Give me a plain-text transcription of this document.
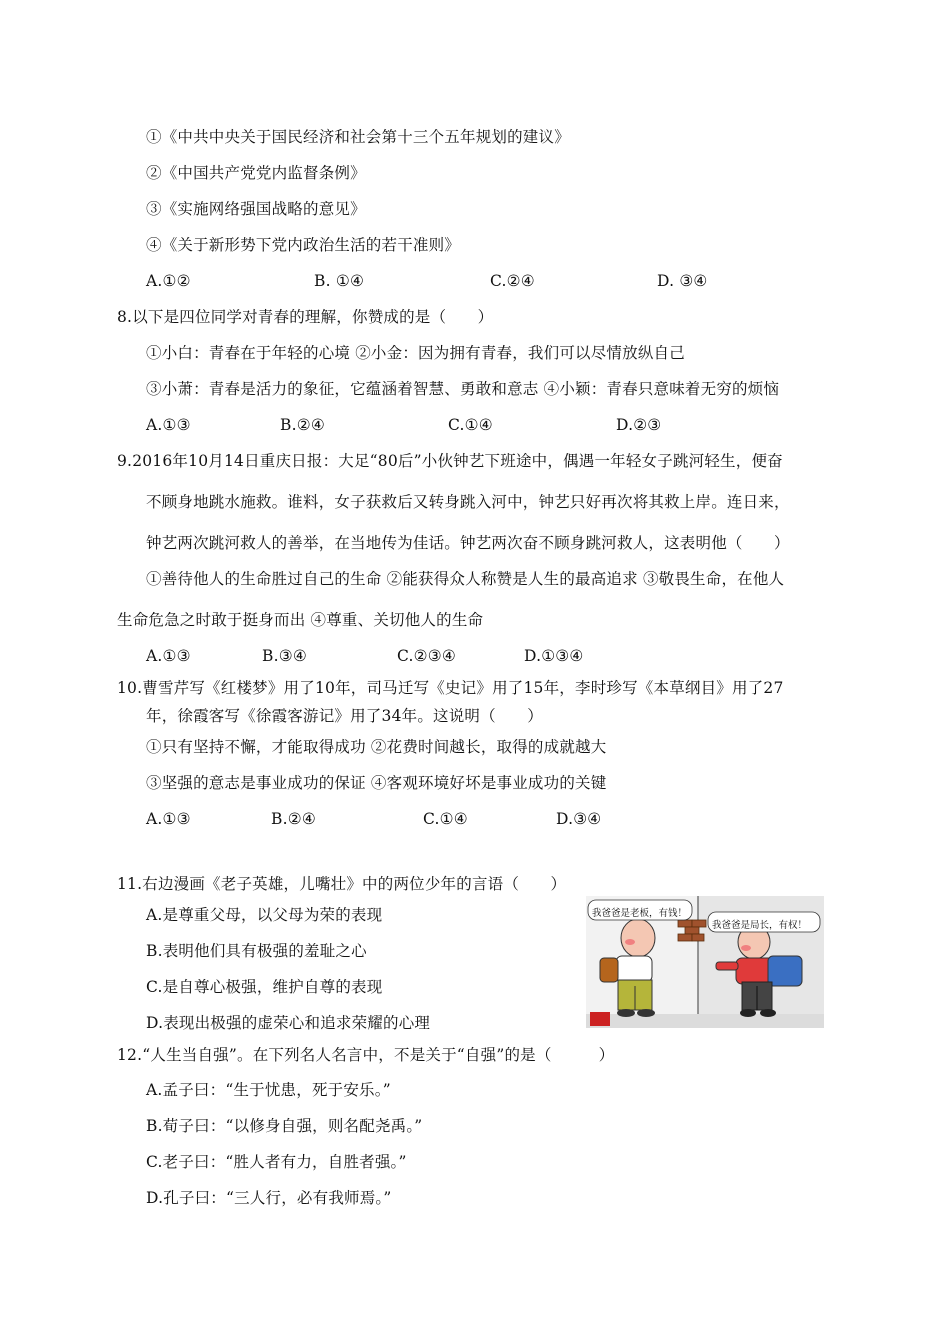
①《中共中央关于国民经济和社会第十三个五年规划的建议》
②《中国共产党党内监督条例》
③《实施网络强国战略的意见》
④《关于新形势下党内政治生活的若干准则》
A.①②	B. ①④	C.②④	D. ③④
8.以下是四位同学对青春的理解，你赞成的是（　　）
①小白：青春在于年轻的心境 ②小金：因为拥有青春，我们可以尽情放纵自己
③小萧：青春是活力的象征，它蕴涵着智慧、勇敢和意志 ④小颖：青春只意味着无穷的烦恼
A.①③	B.②④	C.①④	D.②③
9.2016年10月14日重庆日报：大足“80后”小伙钟艺下班途中，偶遇一年轻女子跳河轻生，便奋
不顾身地跳水施救。谁料，女子获救后又转身跳入河中，钟艺只好再次将其救上岸。连日来，
钟艺两次跳河救人的善举，在当地传为佳话。钟艺两次奋不顾身跳河救人，这表明他（　　）
①善待他人的生命胜过自己的生命 ②能获得众人称赞是人生的最高追求 ③敬畏生命，在他人
生命危急之时敢于挺身而出 ④尊重、关切他人的生命
A.①③	B.③④	C.②③④	D.①③④
10.曹雪芹写《红楼梦》用了10年，司马迁写《史记》用了15年，李时珍写《本草纲目》用了27
年，徐霞客写《徐霞客游记》用了34年。这说明（　　）
①只有坚持不懈，才能取得成功 ②花费时间越长，取得的成就越大
③坚强的意志是事业成功的保证 ④客观环境好坏是事业成功的关键
A.①③	B.②④	C.①④	D.③④
11.右边漫画《老子英雄，儿嘴壮》中的两位少年的言语（　　）
A.是尊重父母，以父母为荣的表现
B.表明他们具有极强的羞耻之心
C.是自尊心极强，维护自尊的表现
D.表现出极强的虚荣心和追求荣耀的心理
我爸爸是老板，有钱！
我爸爸是局长，有权！
12.“人生当自强”。在下列名人名言中，不是关于“自强”的是（　　　）
A.孟子曰：“生于忧患，死于安乐。”
B.荀子曰：“以修身自强，则名配尧禹。”
C.老子曰：“胜人者有力，自胜者强。”
D.孔子曰：“三人行，必有我师焉。”
